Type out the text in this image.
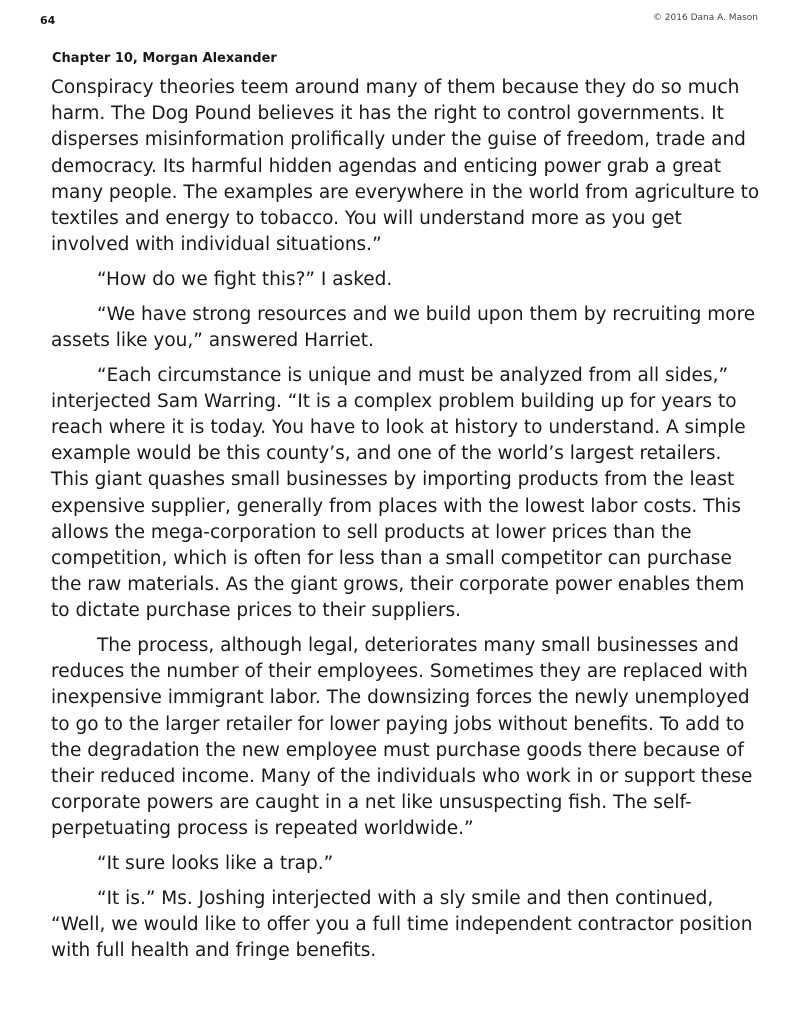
64	© 2016 Dana A. Mason
Chapter 10, Morgan Alexander

Conspiracy theories teem around many of them because they do so much harm. The Dog Pound believes it has the right to control governments. It disperses misinformation prolifically under the guise of freedom, trade and democracy. Its harmful hidden agendas and enticing power grab a great many people. The examples are everywhere in the world from agriculture to textiles and energy to tobacco. You will understand more as you get involved with individual situations.”

“How do we fight this?” I asked.

“We have strong resources and we build upon them by recruiting more assets like you,” answered Harriet.

“Each circumstance is unique and must be analyzed from all sides,” interjected Sam Warring. “It is a complex problem building up for years to reach where it is today. You have to look at history to understand. A simple example would be this county’s, and one of the world’s largest retailers. This giant quashes small businesses by importing products from the least expensive supplier, generally from places with the lowest labor costs. This allows the mega-corporation to sell products at lower prices than the competition, which is often for less than a small competitor can purchase the raw materials. As the giant grows, their corporate power enables them to dictate purchase prices to their suppliers.

The process, although legal, deteriorates many small businesses and reduces the number of their employees. Sometimes they are replaced with inexpensive immigrant labor. The downsizing forces the newly unemployed to go to the larger retailer for lower paying jobs without benefits. To add to the degradation the new employee must purchase goods there because of their reduced income. Many of the individuals who work in or support these corporate powers are caught in a net like unsuspecting fish. The self-perpetuating process is repeated worldwide.”

“It sure looks like a trap.”

“It is.” Ms. Joshing interjected with a sly smile and then continued, “Well, we would like to offer you a full time independent contractor position with full health and fringe benefits.
